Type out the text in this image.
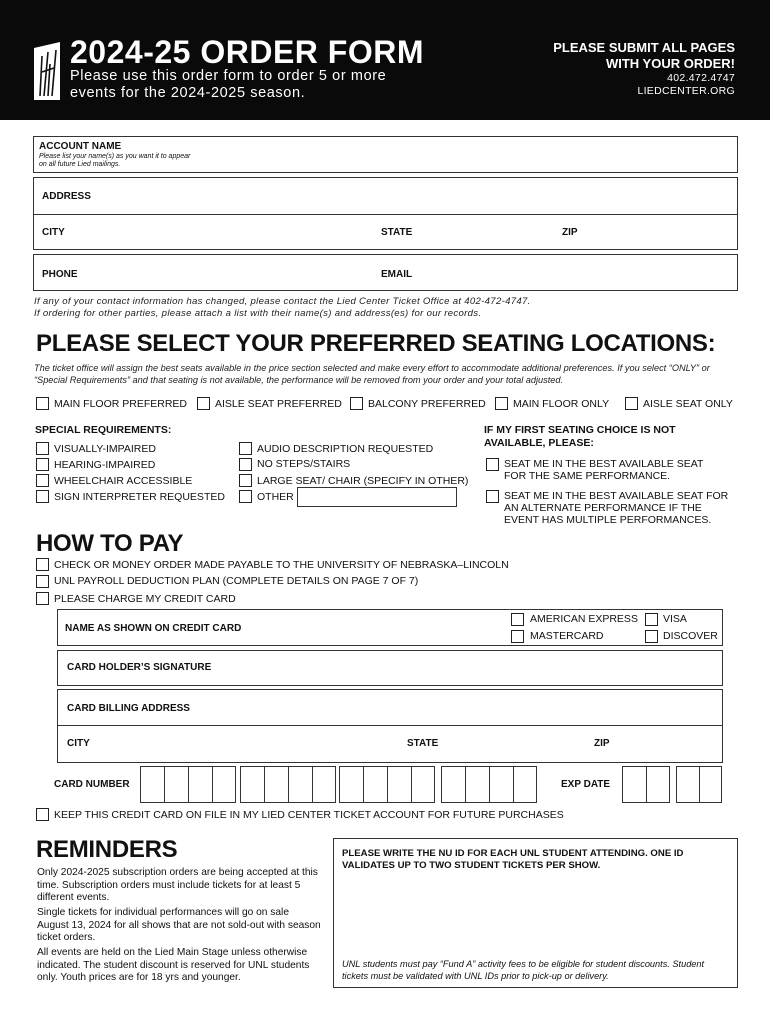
2024-25 ORDER FORM
Please use this order form to order 5 or more events for the 2024-2025 season.
PLEASE SUBMIT ALL PAGES WITH YOUR ORDER!
402.472.4747
LIEDCENTER.ORG
ACCOUNT NAME
Please list your name(s) as you want it to appear on all future Lied mailings.
ADDRESS
CITY	STATE	ZIP
PHONE	EMAIL
If any of your contact information has changed, please contact the Lied Center Ticket Office at 402-472-4747.
If ordering for other parties, please attach a list with their name(s) and address(es) for our records.
PLEASE SELECT YOUR PREFERRED SEATING LOCATIONS:
The ticket office will assign the best seats available in the price section selected and make every effort to accommodate additional preferences. If you select “ONLY” or “Special Requirements” and that seating is not available, the performance will be removed from your order and your total adjusted.
MAIN FLOOR PREFERRED	AISLE SEAT PREFERRED BALCONY PREFERRED	MAIN FLOOR ONLY	AISLE SEAT ONLY
SPECIAL REQUIREMENTS:
VISUALLY-IMPAIRED
HEARING-IMPAIRED
WHEELCHAIR ACCESSIBLE
SIGN INTERPRETER REQUESTED
AUDIO DESCRIPTION REQUESTED
NO STEPS/STAIRS
LARGE SEAT/ CHAIR (SPECIFY IN OTHER)
OTHER
IF MY FIRST SEATING CHOICE IS NOT AVAILABLE, PLEASE:
SEAT ME IN THE BEST AVAILABLE SEAT FOR THE SAME PERFORMANCE.
SEAT ME IN THE BEST AVAILABLE SEAT FOR AN ALTERNATE PERFORMANCE IF THE EVENT HAS MULTIPLE PERFORMANCES.
HOW TO PAY
CHECK OR MONEY ORDER MADE PAYABLE TO THE UNIVERSITY OF NEBRASKA–LINCOLN
UNL PAYROLL DEDUCTION PLAN (COMPLETE DETAILS ON PAGE 7 OF 7)
PLEASE CHARGE MY CREDIT CARD
NAME AS SHOWN ON CREDIT CARD
AMERICAN EXPRESS VISA
MASTERCARD	DISCOVER
CARD HOLDER’S SIGNATURE
CARD BILLING ADDRESS
CITY	STATE	ZIP
CARD NUMBER	EXP DATE
KEEP THIS CREDIT CARD ON FILE IN MY LIED CENTER TICKET ACCOUNT FOR FUTURE PURCHASES
REMINDERS
Only 2024-2025 subscription orders are being accepted at this time. Subscription orders must include tickets for at least 5 different events.
Single tickets for individual performances will go on sale August 13, 2024 for all shows that are not sold-out with season ticket orders.
All events are held on the Lied Main Stage unless otherwise indicated. The student discount is reserved for UNL students only. Youth prices are for 18 yrs and younger.
PLEASE WRITE THE NU ID FOR EACH UNL STUDENT ATTENDING. ONE ID VALIDATES UP TO TWO STUDENT TICKETS PER SHOW.
UNL students must pay “Fund A” activity fees to be eligible for student discounts. Student tickets must be validated with UNL IDs prior to pick-up or delivery.
